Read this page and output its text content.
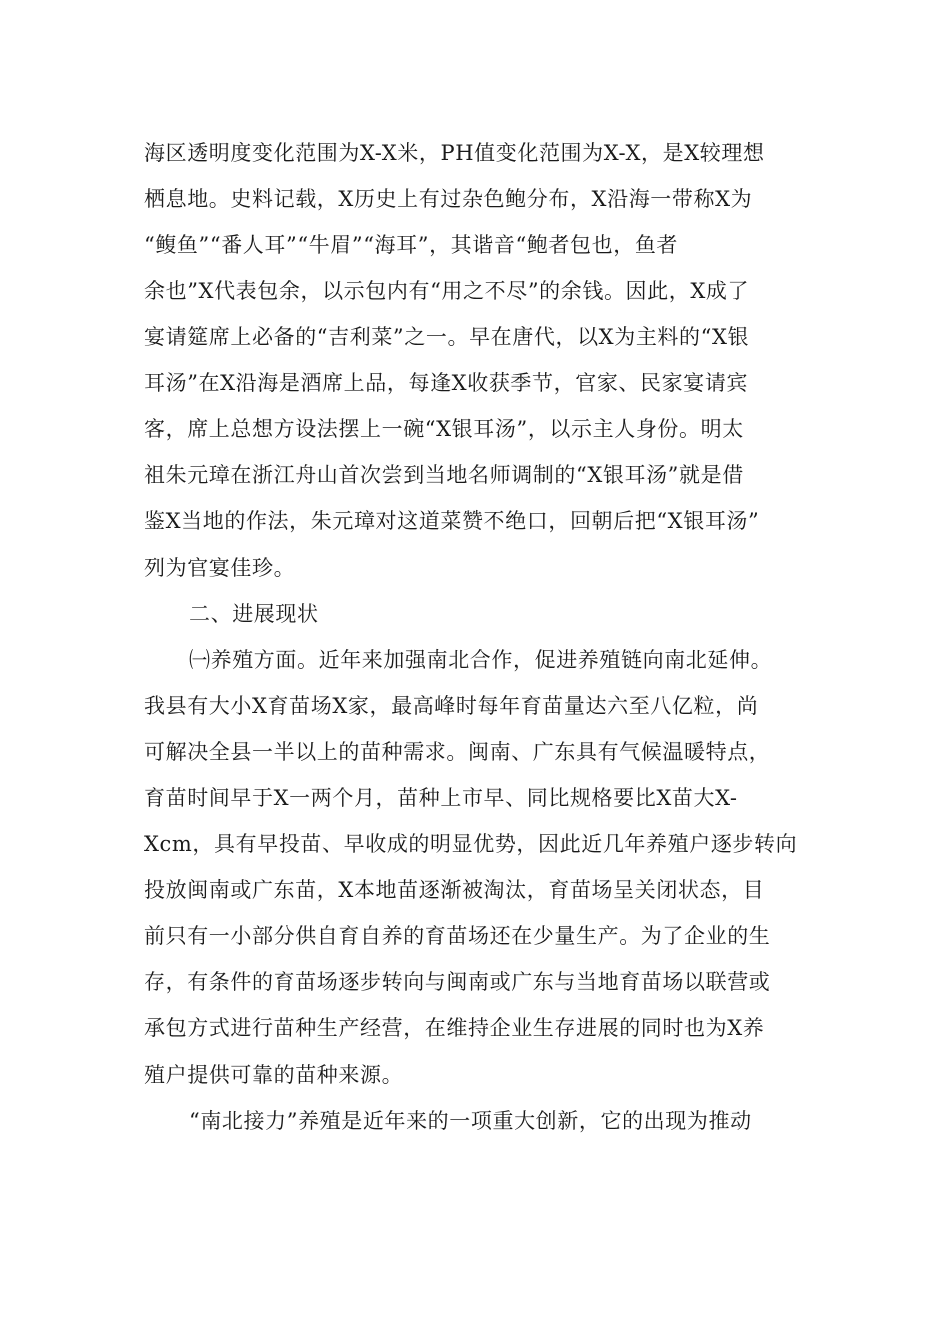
海区透明度变化范围为X-X米，PH值变化范围为X-X，是X较理想
栖息地。史料记载，X历史上有过杂色鲍分布，X沿海一带称X为
“鳆鱼”“番人耳”“牛眉”“海耳”，其谐音“鲍者包也，鱼者
余也”X代表包余，以示包内有“用之不尽”的余钱。因此，X成了
宴请筵席上必备的“吉利菜”之一。早在唐代，以X为主料的“X银
耳汤”在X沿海是酒席上品，每逢X收获季节，官家、民家宴请宾
客，席上总想方设法摆上一碗“X银耳汤”，以示主人身份。明太
祖朱元璋在浙江舟山首次尝到当地名师调制的“X银耳汤”就是借
鉴X当地的作法，朱元璋对这道菜赞不绝口，回朝后把“X银耳汤”
列为官宴佳珍。
二、进展现状
㈠养殖方面。近年来加强南北合作，促进养殖链向南北延伸。
我县有大小X育苗场X家，最高峰时每年育苗量达六至八亿粒，尚
可解决全县一半以上的苗种需求。闽南、广东具有气候温暖特点，
育苗时间早于X一两个月，苗种上市早、同比规格要比X苗大X-
Xcm，具有早投苗、早收成的明显优势，因此近几年养殖户逐步转向
投放闽南或广东苗，X本地苗逐渐被淘汰，育苗场呈关闭状态，目
前只有一小部分供自育自养的育苗场还在少量生产。为了企业的生
存，有条件的育苗场逐步转向与闽南或广东与当地育苗场以联营或
承包方式进行苗种生产经营，在维持企业生存进展的同时也为X养
殖户提供可靠的苗种来源。
“南北接力”养殖是近年来的一项重大创新，它的出现为推动
